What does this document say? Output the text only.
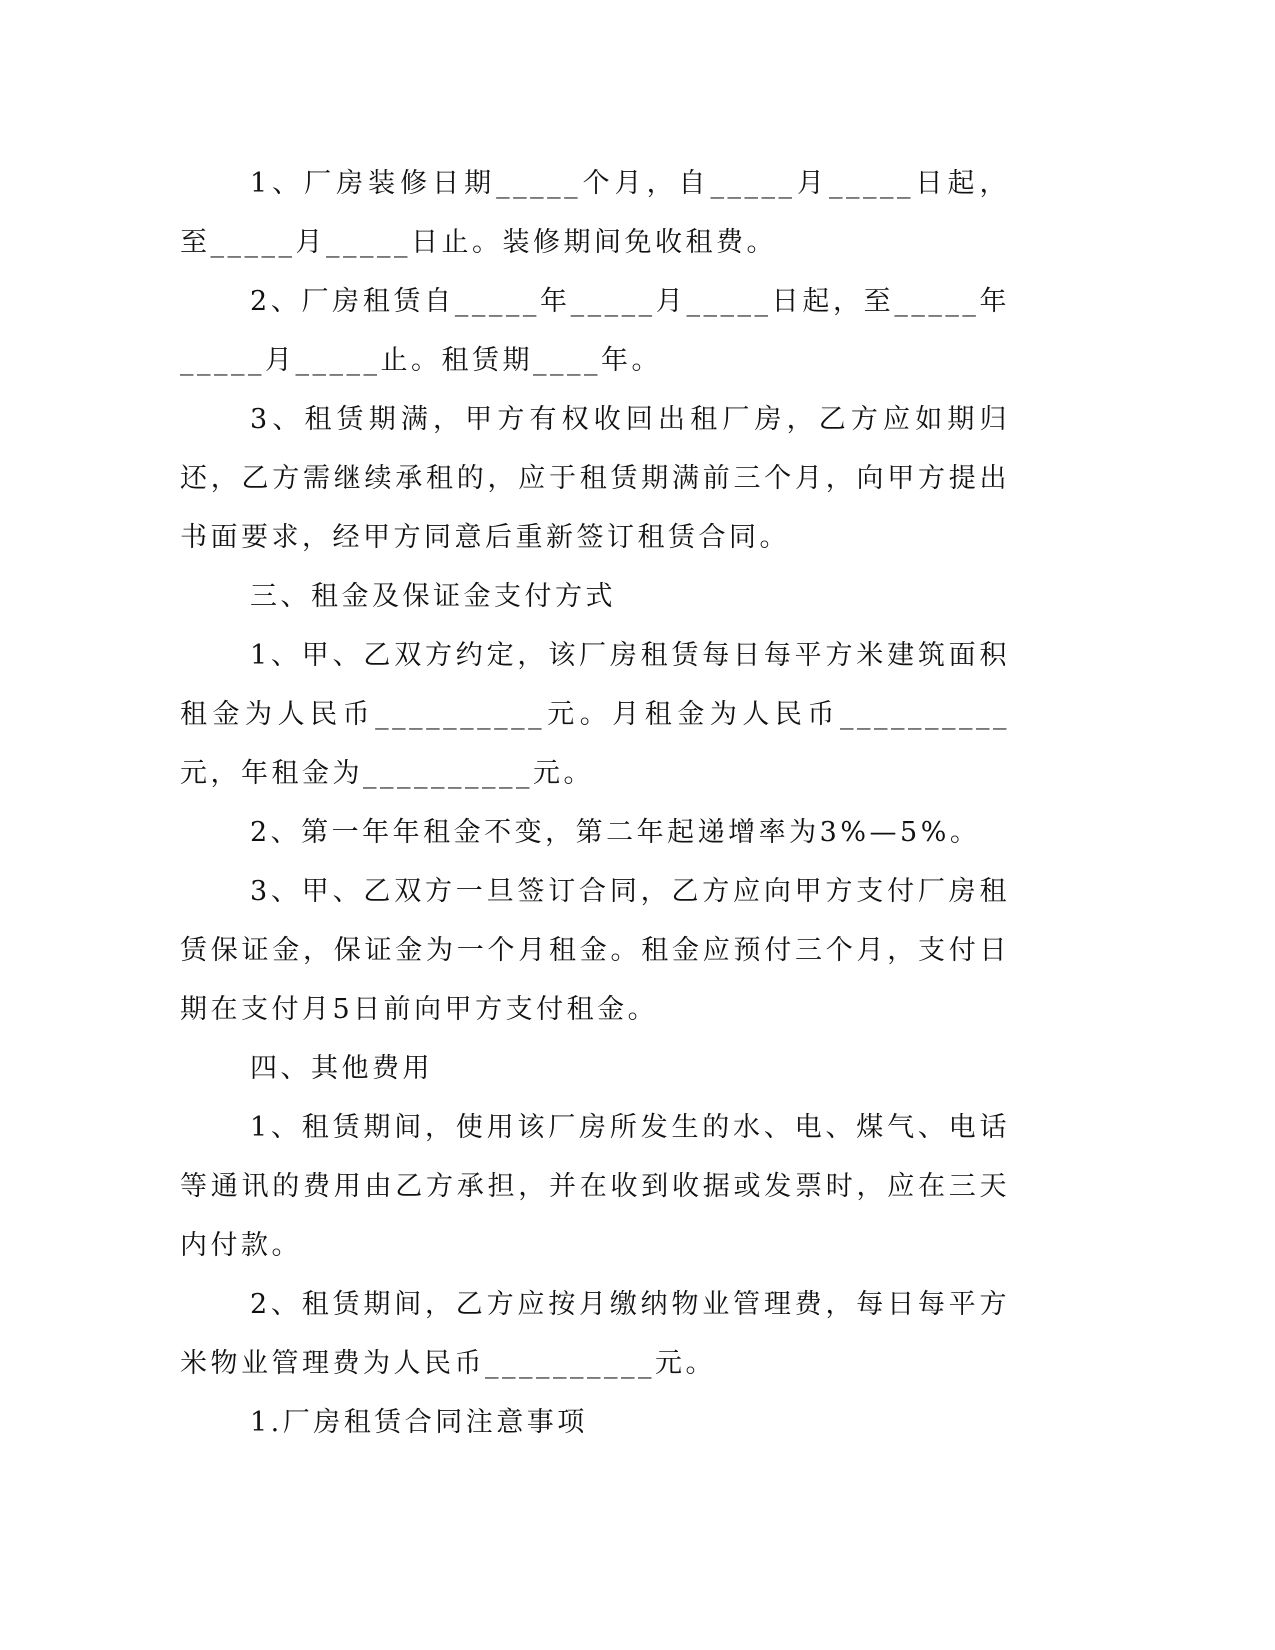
1、厂房装修日期_____个月，自_____月_____日起，至_____月_____日止。装修期间免收租费。

2、厂房租赁自_____年_____月_____日起，至_____年_____月_____止。租赁期____年。

3、租赁期满，甲方有权收回出租厂房，乙方应如期归还，乙方需继续承租的，应于租赁期满前三个月，向甲方提出书面要求，经甲方同意后重新签订租赁合同。

三、租金及保证金支付方式

1、甲、乙双方约定，该厂房租赁每日每平方米建筑面积租金为人民币__________元。月租金为人民币__________元，年租金为__________元。

2、第一年年租金不变，第二年起递增率为3%—5%。

3、甲、乙双方一旦签订合同，乙方应向甲方支付厂房租赁保证金，保证金为一个月租金。租金应预付三个月，支付日期在支付月5日前向甲方支付租金。

四、其他费用

1、租赁期间，使用该厂房所发生的水、电、煤气、电话等通讯的费用由乙方承担，并在收到收据或发票时，应在三天内付款。

2、租赁期间，乙方应按月缴纳物业管理费，每日每平方米物业管理费为人民币__________元。

1.厂房租赁合同注意事项
